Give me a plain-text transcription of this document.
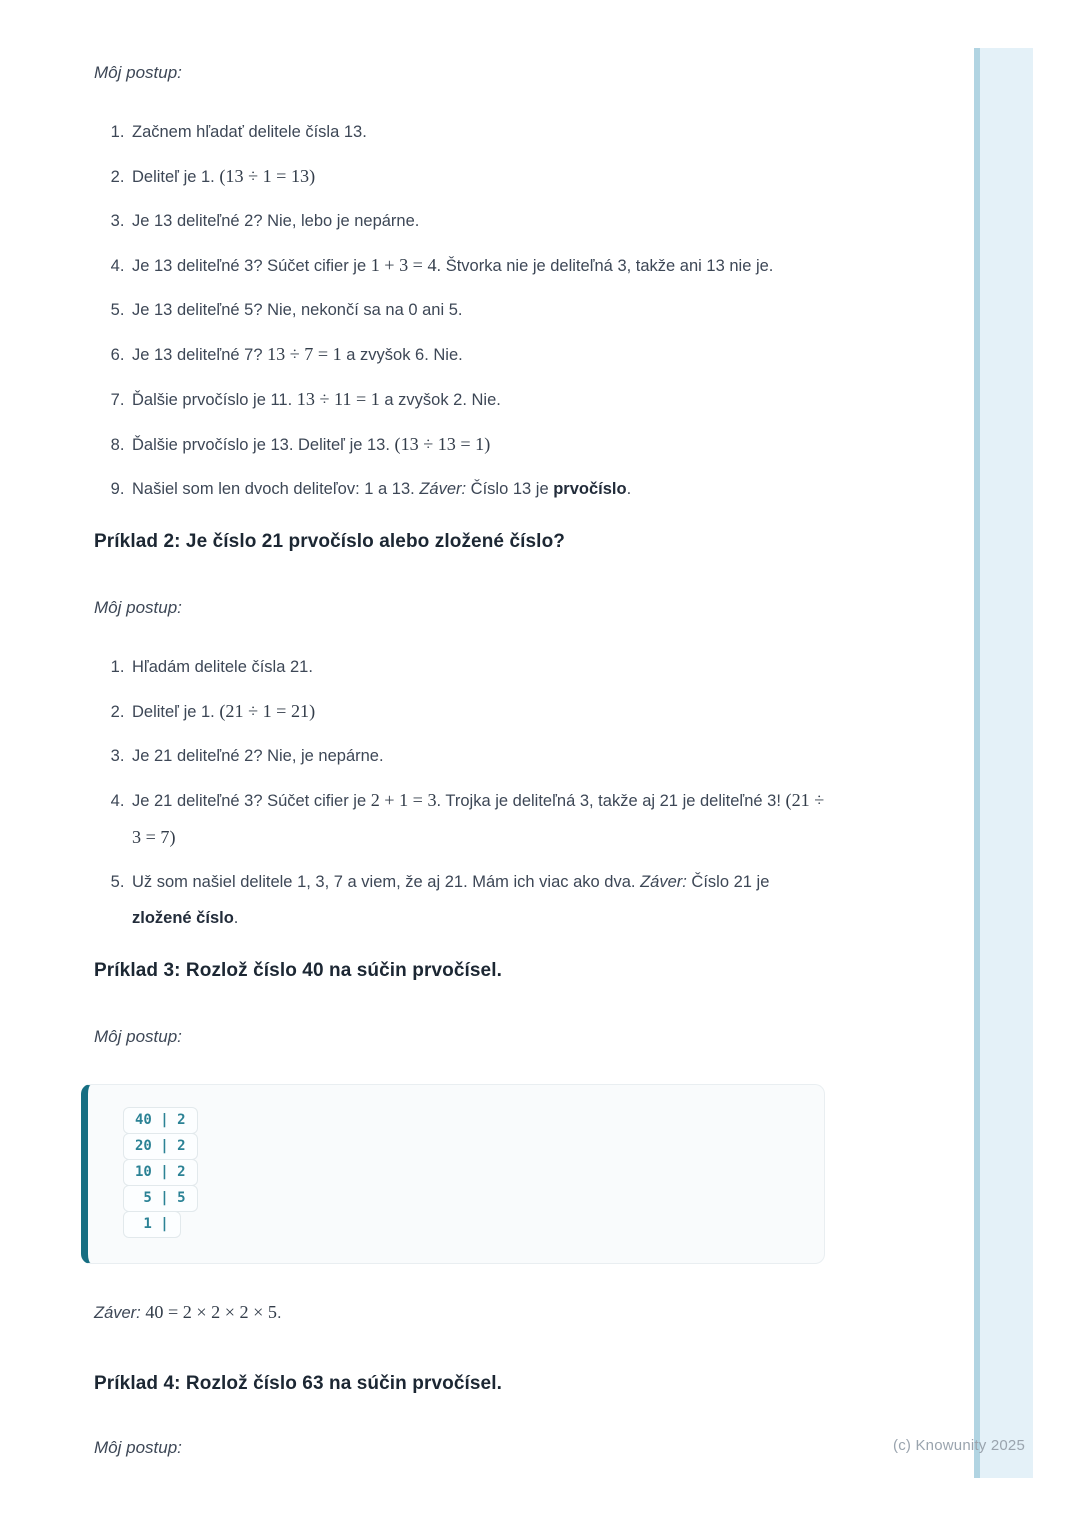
Môj postup:

1. Začnem hľadať delitele čísla 13.
2. Deliteľ je 1. (13 ÷ 1 = 13)
3. Je 13 deliteľné 2? Nie, lebo je nepárne.
4. Je 13 deliteľné 3? Súčet cifier je 1 + 3 = 4. Štvorka nie je deliteľná 3, takže ani 13 nie je.
5. Je 13 deliteľné 5? Nie, nekončí sa na 0 ani 5.
6. Je 13 deliteľné 7? 13 ÷ 7 = 1 a zvyšok 6. Nie.
7. Ďalšie prvočíslo je 11. 13 ÷ 11 = 1 a zvyšok 2. Nie.
8. Ďalšie prvočíslo je 13. Deliteľ je 13. (13 ÷ 13 = 1)
9. Našiel som len dvoch deliteľov: 1 a 13. Záver: Číslo 13 je prvočíslo.
Príklad 2: Je číslo 21 prvočíslo alebo zložené číslo?

Môj postup:

1. Hľadám delitele čísla 21.
2. Deliteľ je 1. (21 ÷ 1 = 21)
3. Je 21 deliteľné 2? Nie, je nepárne.
4. Je 21 deliteľné 3? Súčet cifier je 2 + 1 = 3. Trojka je deliteľná 3, takže aj 21 je deliteľné 3! (21 ÷ 3 = 7)
5. Už som našiel delitele 1, 3, 7 a viem, že aj 21. Mám ich viac ako dva. Záver: Číslo 21 je zložené číslo.
Príklad 3: Rozlož číslo 40 na súčin prvočísel.

Môj postup:

40 | 2
20 | 2
10 | 2
5 | 5
1 |

Záver: 40 = 2 × 2 × 2 × 5.

Príklad 4: Rozlož číslo 63 na súčin prvočísel.

Môj postup:	(c) Knowunity 2025
